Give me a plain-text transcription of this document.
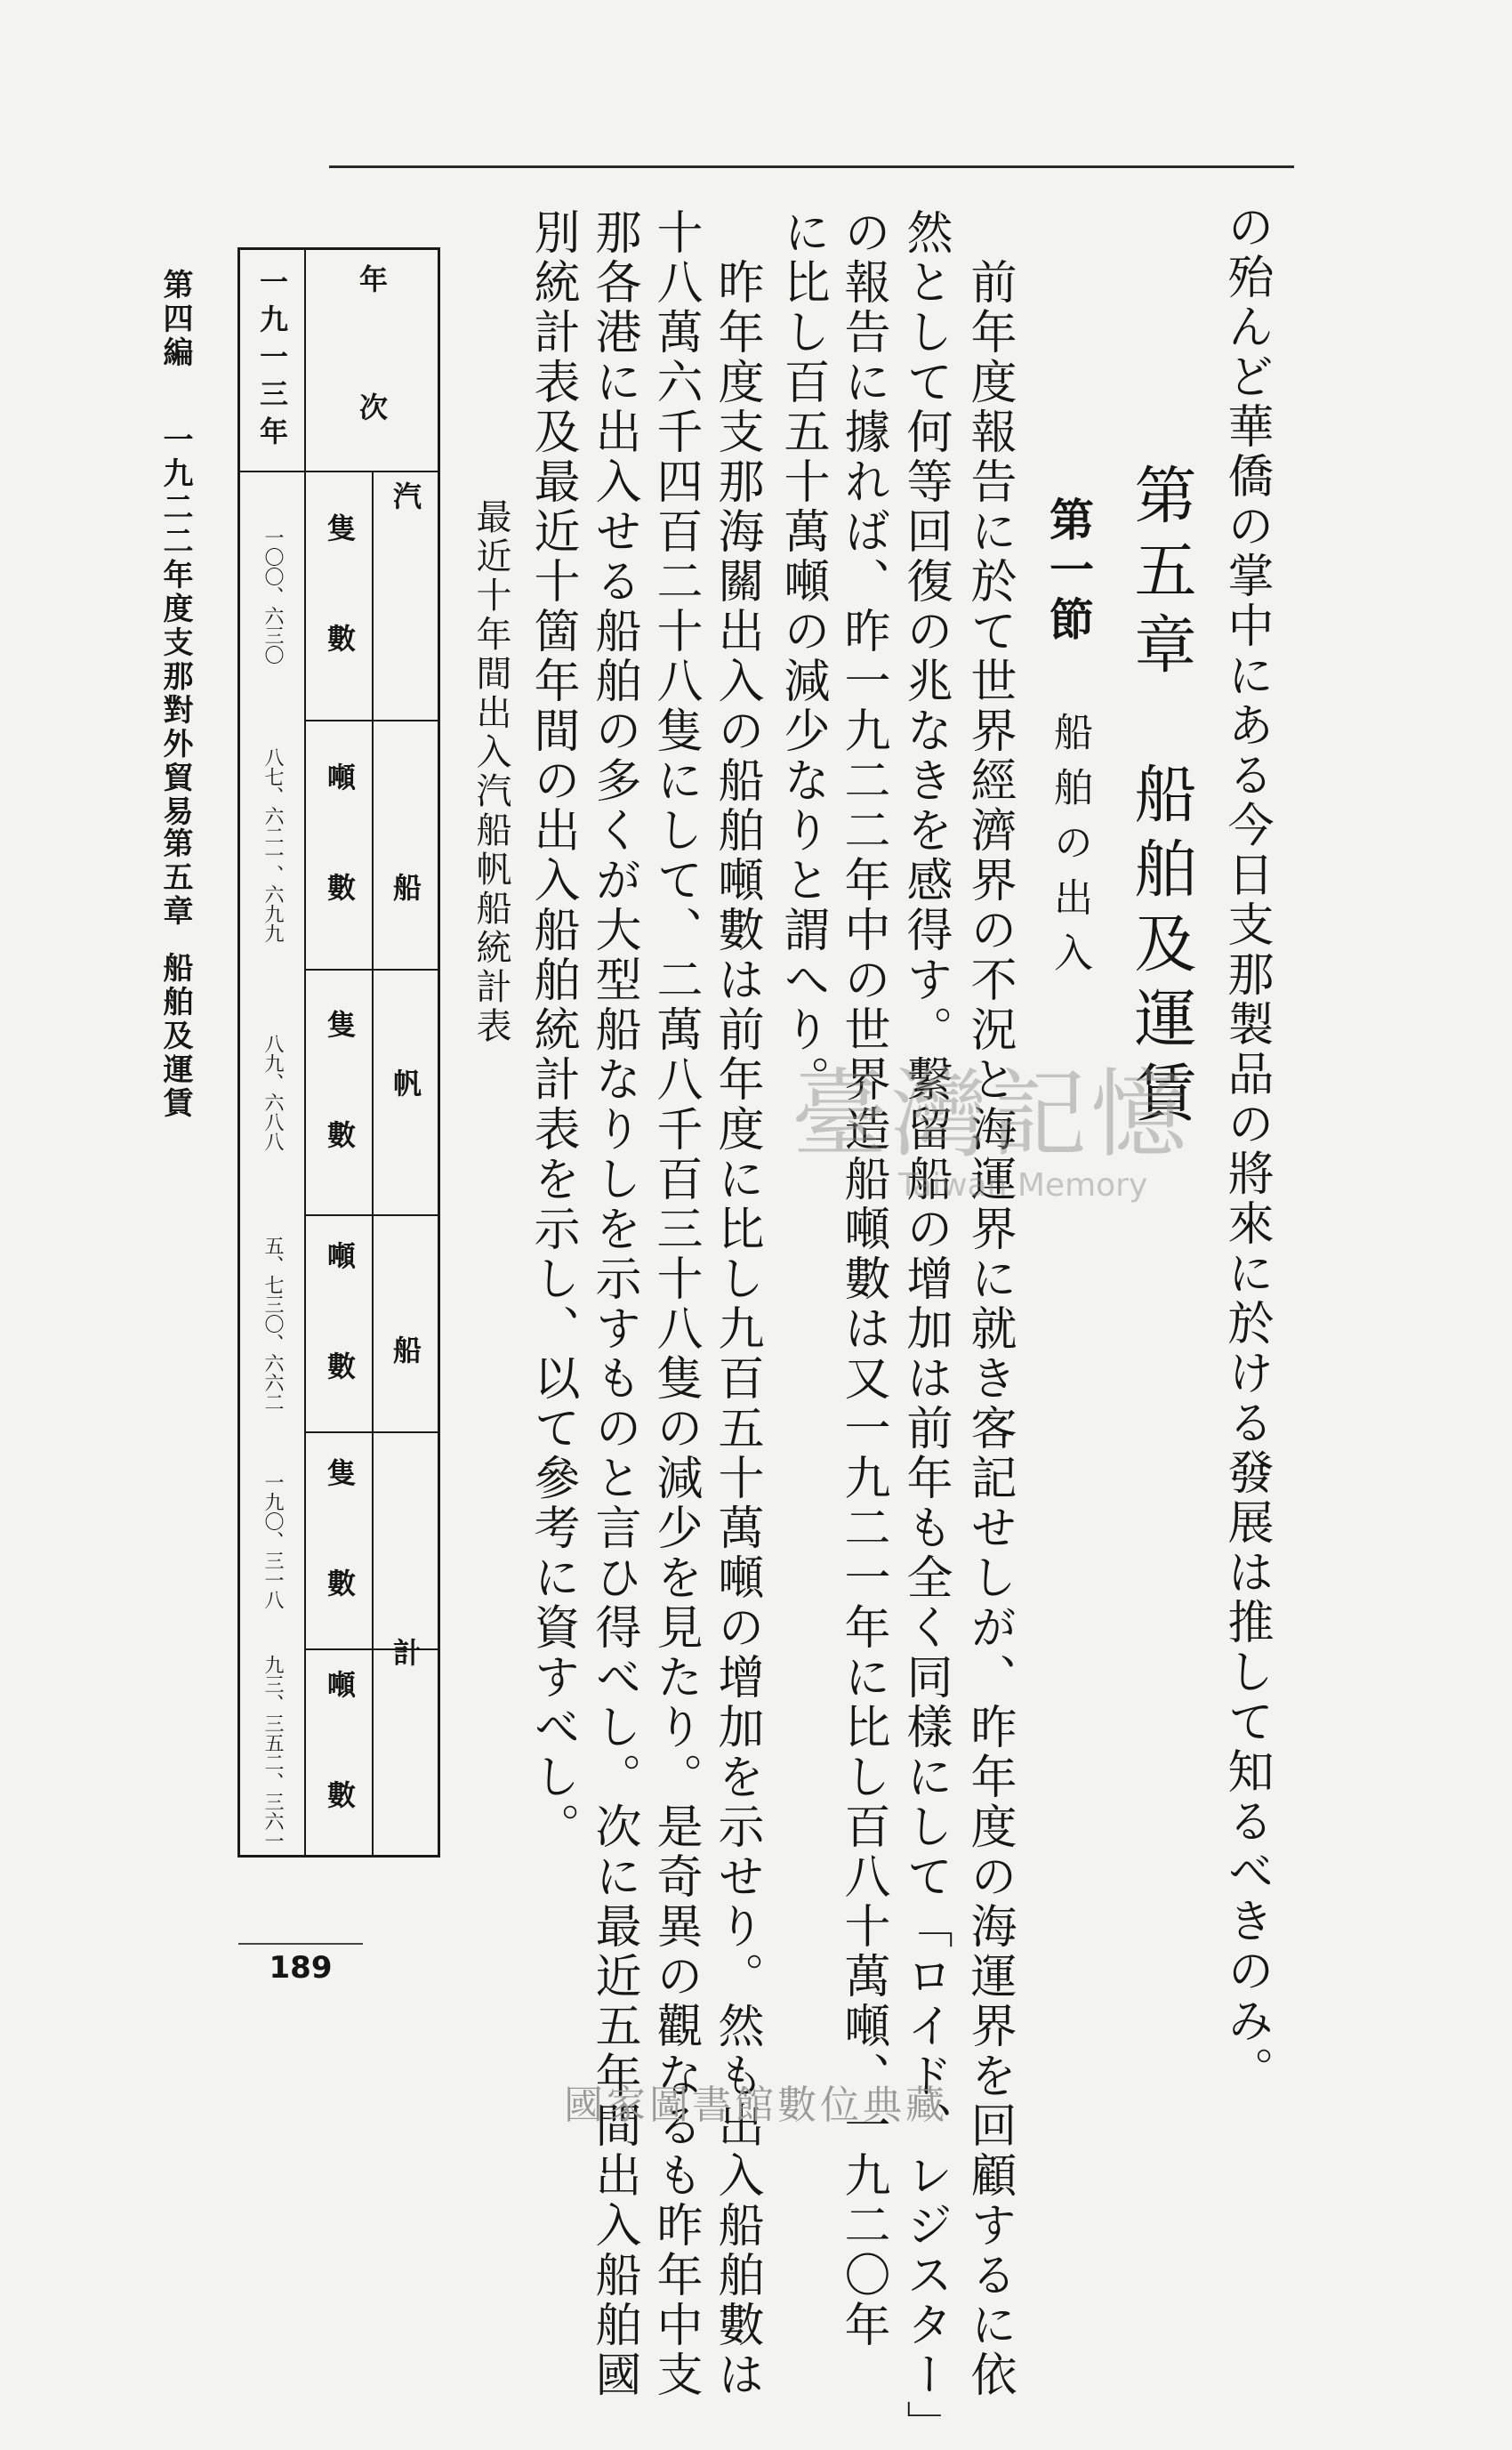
の殆んど華僑の掌中にある今日支那製品の將來に於ける發展は推して知るべきのみ。
第五章　船舶及運賃
第一節
船舶の出入
前年度報告に於て世界經濟界の不況と海運界に就き客記せしが、昨年度の海運界を回顧するに依
然として何等回復の兆なきを感得す。繫留船の增加は前年も全く同樣にして「ロイド、レジスター」
の報告に據れば、昨一九二二年中の世界造船噸數は又一九二一年に比し百八十萬噸、一九二〇年
に比し百五十萬噸の減少なりと謂へり。
昨年度支那海關出入の船舶噸數は前年度に比し九百五十萬噸の增加を示せり。然も出入船舶數は
十八萬六千四百二十八隻にして、二萬八千百三十八隻の減少を見たり。是奇異の觀なるも昨年中支
那各港に出入せる船舶の多くが大型船なりしを示すものと言ひ得べし。次に最近五年間出入船舶國
別統計表及最近十箇年間の出入船舶統計表を示し、以て參考に資すべし。
最近十年間出入汽船帆船統計表
年　次
汽
船
帆
船
計
隻　數
噸　數
隻　數
噸　數
隻　數
噸　數
一九一三年
一〇〇、六三〇
八七、六二一、六九九
八九、六八八
五、七三〇、六六二
一九〇、三一八
九三、三五二、三六一
第四編
一九二二年度支那對外貿易
第五章
船舶及運賃
189
臺灣記憶
Taiwan Memory
國家圖書館數位典藏
